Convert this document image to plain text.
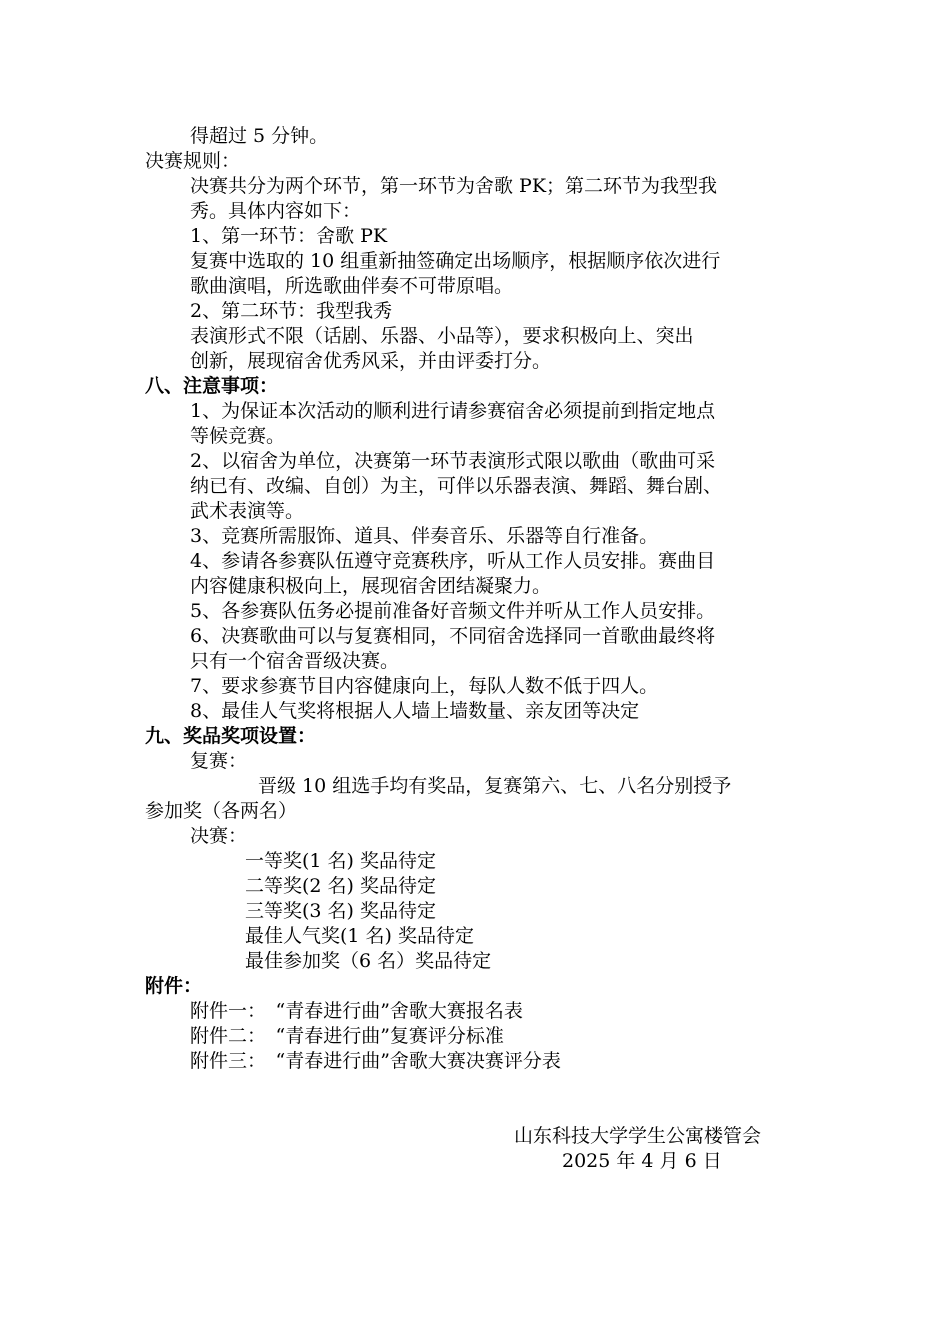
得超过 5 分钟。
决赛规则：
决赛共分为两个环节，第一环节为舍歌 PK；第二环节为我型我
秀。具体内容如下：
1、第一环节：舍歌 PK
复赛中选取的 10 组重新抽签确定出场顺序，根据顺序依次进行
歌曲演唱，所选歌曲伴奏不可带原唱。
2、第二环节：我型我秀
表演形式不限（话剧、乐器、小品等），要求积极向上、突出
创新，展现宿舍优秀风采，并由评委打分。
八、注意事项：
1、为保证本次活动的顺利进行请参赛宿舍必须提前到指定地点
等候竞赛。
2、以宿舍为单位，决赛第一环节表演形式限以歌曲（歌曲可采
纳已有、改编、自创）为主，可伴以乐器表演、舞蹈、舞台剧、
武术表演等。
3、竞赛所需服饰、道具、伴奏音乐、乐器等自行准备。
4、参请各参赛队伍遵守竞赛秩序，听从工作人员安排。赛曲目
内容健康积极向上，展现宿舍团结凝聚力。
5、各参赛队伍务必提前准备好音频文件并听从工作人员安排。
6、决赛歌曲可以与复赛相同，不同宿舍选择同一首歌曲最终将
只有一个宿舍晋级决赛。
7、要求参赛节目内容健康向上，每队人数不低于四人。
8、最佳人气奖将根据人人墙上墙数量、亲友团等决定
九、奖品奖项设置：
复赛：
晋级 10 组选手均有奖品，复赛第六、七、八名分别授予
参加奖（各两名）
决赛：
一等奖(1 名) 奖品待定
二等奖(2 名) 奖品待定
三等奖(3 名) 奖品待定
最佳人气奖(1 名) 奖品待定
最佳参加奖（6 名）奖品待定
附件：
附件一：　“青春进行曲”舍歌大赛报名表
附件二：　“青春进行曲”复赛评分标准
附件三：　“青春进行曲”舍歌大赛决赛评分表
山东科技大学学生公寓楼管会
2025 年 4 月 6 日
